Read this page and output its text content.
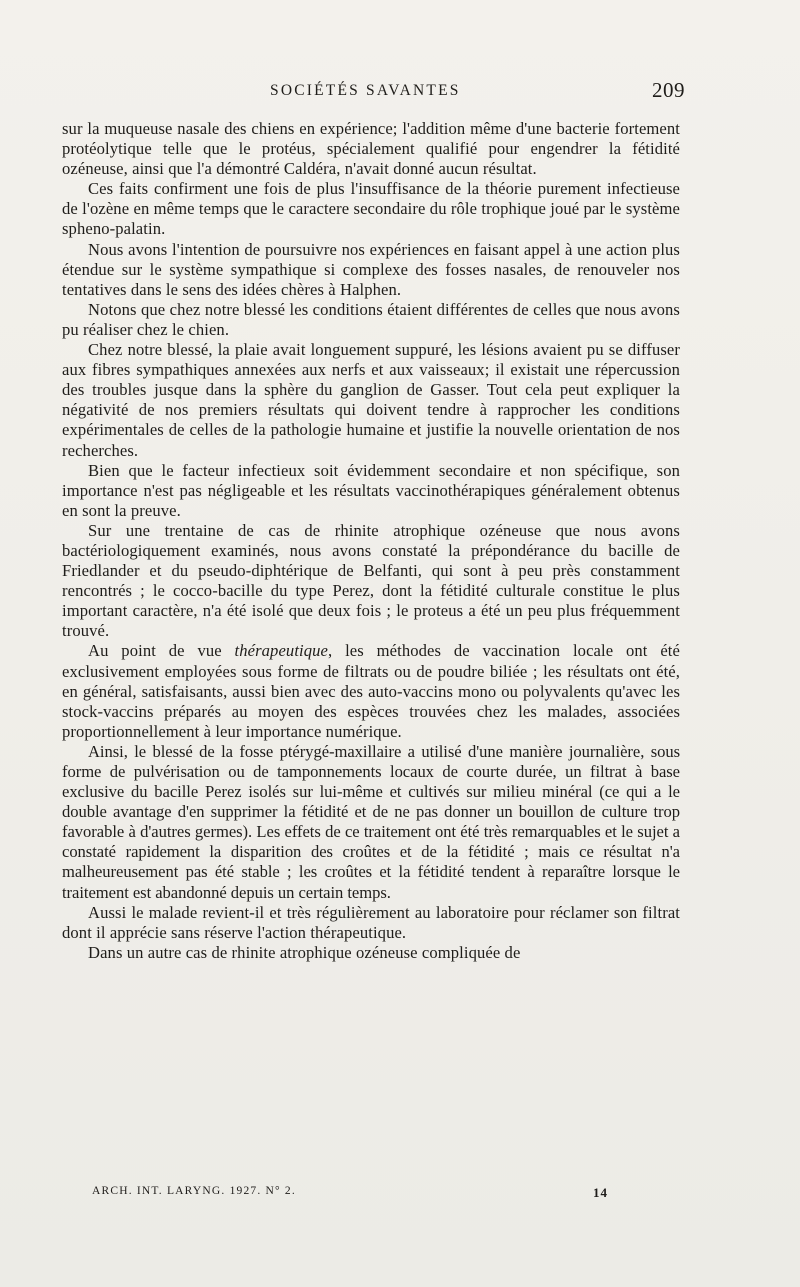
SOCIÉTÉS SAVANTES	209

sur la muqueuse nasale des chiens en expérience; l'addition même d'une bacterie fortement protéolytique telle que le protéus, spécialement qualifié pour engendrer la fétidité ozéneuse, ainsi que l'a démontré Caldéra, n'avait donné aucun résultat.

Ces faits confirment une fois de plus l'insuffisance de la théorie purement infectieuse de l'ozène en même temps que le caractere secondaire du rôle trophique joué par le système spheno-palatin.

Nous avons l'intention de poursuivre nos expériences en faisant appel à une action plus étendue sur le système sympathique si complexe des fosses nasales, de renouveler nos tentatives dans le sens des idées chères à Halphen.

Notons que chez notre blessé les conditions étaient différentes de celles que nous avons pu réaliser chez le chien.

Chez notre blessé, la plaie avait longuement suppuré, les lésions avaient pu se diffuser aux fibres sympathiques annexées aux nerfs et aux vaisseaux; il existait une répercussion des troubles jusque dans la sphère du ganglion de Gasser. Tout cela peut expliquer la négativité de nos premiers résultats qui doivent tendre à rapprocher les conditions expérimentales de celles de la pathologie humaine et justifie la nouvelle orientation de nos recherches.

Bien que le facteur infectieux soit évidemment secondaire et non spécifique, son importance n'est pas négligeable et les résultats vaccinothérapiques généralement obtenus en sont la preuve.

Sur une trentaine de cas de rhinite atrophique ozéneuse que nous avons bactériologiquement examinés, nous avons constaté la prépondérance du bacille de Friedlander et du pseudo-diphtérique de Belfanti, qui sont à peu près constamment rencontrés ; le cocco-bacille du type Perez, dont la fétidité culturale constitue le plus important caractère, n'a été isolé que deux fois ; le proteus a été un peu plus fréquemment trouvé.

Au point de vue thérapeutique, les méthodes de vaccination locale ont été exclusivement employées sous forme de filtrats ou de poudre biliée ; les résultats ont été, en général, satisfaisants, aussi bien avec des auto-vaccins mono ou polyvalents qu'avec les stock-vaccins préparés au moyen des espèces trouvées chez les malades, associées proportionnellement à leur importance numérique.

Ainsi, le blessé de la fosse ptérygé-maxillaire a utilisé d'une manière journalière, sous forme de pulvérisation ou de tamponnements locaux de courte durée, un filtrat à base exclusive du bacille Perez isolés sur lui-même et cultivés sur milieu minéral (ce qui a le double avantage d'en supprimer la fétidité et de ne pas donner un bouillon de culture trop favorable à d'autres germes). Les effets de ce traitement ont été très remarquables et le sujet a constaté rapidement la disparition des croûtes et de la fétidité ; mais ce résultat n'a malheureusement pas été stable ; les croûtes et la fétidité tendent à reparaître lorsque le traitement est abandonné depuis un certain temps.

Aussi le malade revient-il et très régulièrement au laboratoire pour réclamer son filtrat dont il apprécie sans réserve l'action thérapeutique.

Dans un autre cas de rhinite atrophique ozéneuse compliquée de

ARCH. INT. LARYNG. 1927. N° 2.	14
